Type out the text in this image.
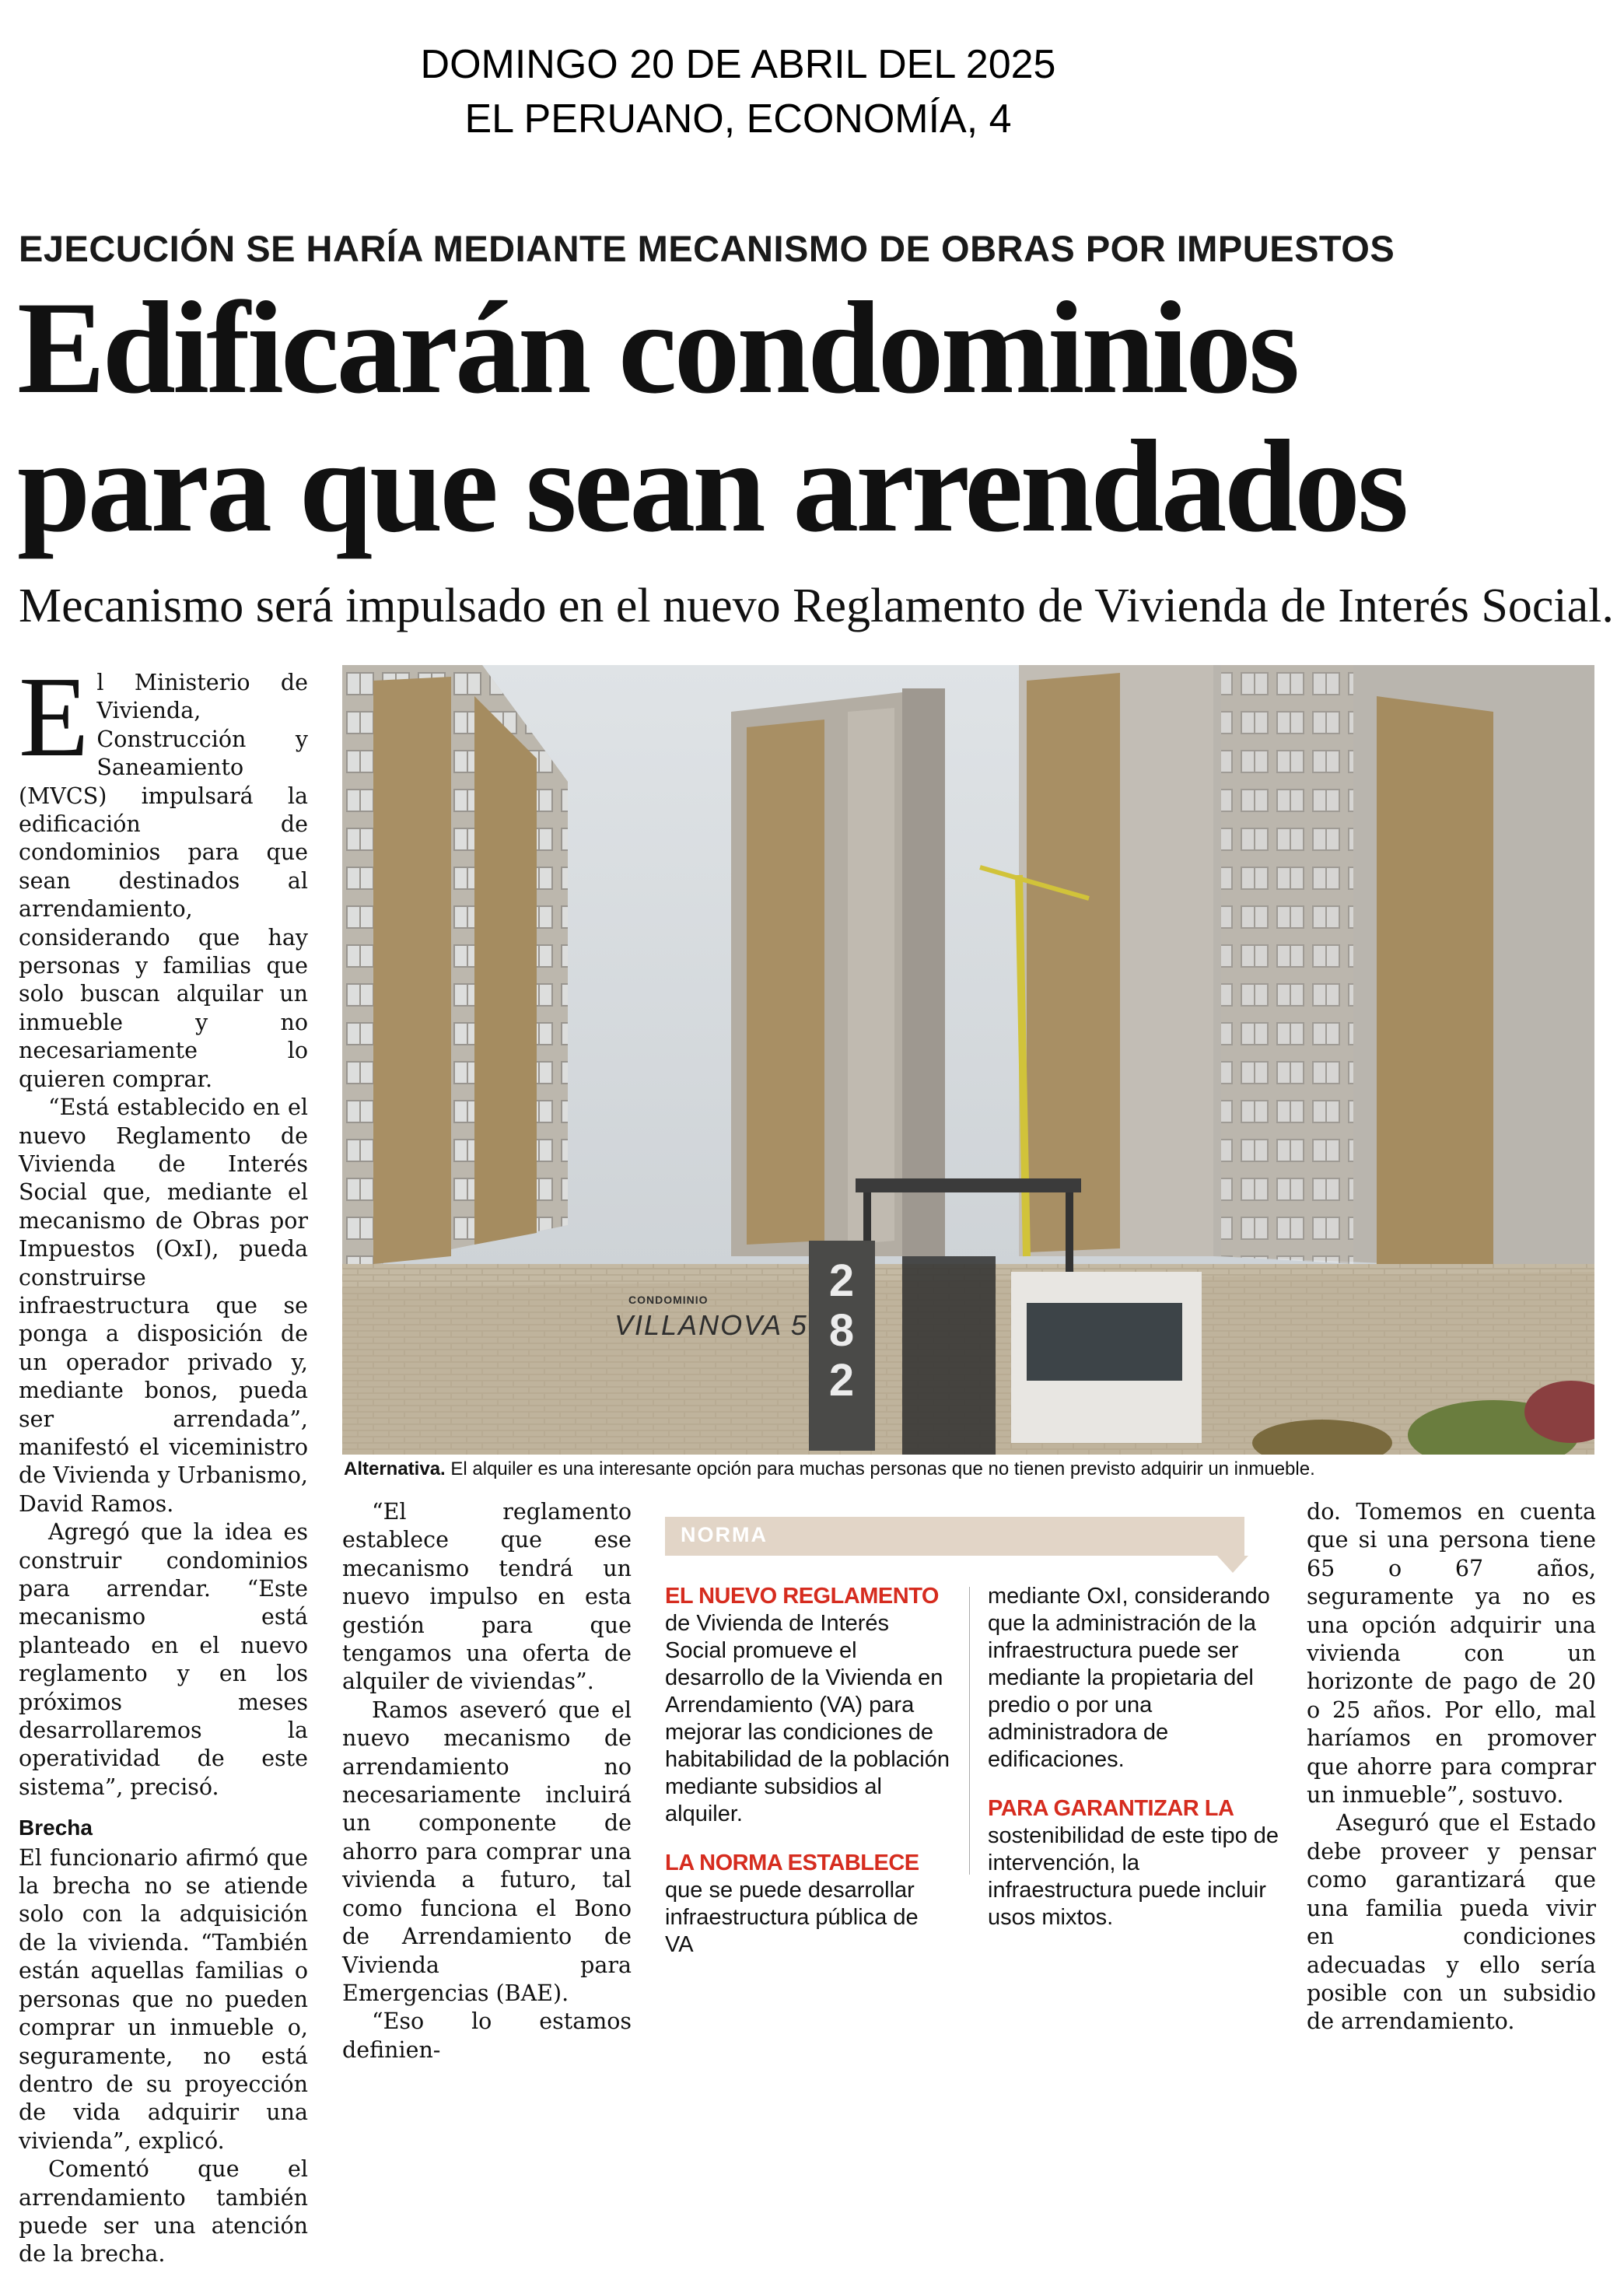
DOMINGO 20 DE ABRIL DEL 2025
EL PERUANO, ECONOMÍA, 4
EJECUCIÓN SE HARÍA MEDIANTE MECANISMO DE OBRAS POR IMPUESTOS
Edificarán condominios
para que sean arrendados
Mecanismo será impulsado en el nuevo Reglamento de Vivienda de Interés Social.

El Ministerio de Vivienda, Construcción y Saneamiento (MVCS) impulsará la edificación de condominios para que sean destinados al arrendamiento, considerando que hay personas y familias que solo buscan alquilar un inmueble y no necesariamente lo quieren comprar.

“Está establecido en el nuevo Reglamento de Vivienda de Interés Social que, mediante el mecanismo de Obras por Impuestos (OxI), pueda construirse infraestructura que se ponga a disposición de un operador privado y, mediante bonos, pueda ser arrendada”, manifestó el viceministro de Vivienda y Urbanismo, David Ramos.

Agregó que la idea es construir condominios para arrendar. “Este mecanismo está planteado en el nuevo reglamento y en los próximos meses desarrollaremos la operatividad de este sistema”, precisó.

Brecha

El funcionario afirmó que la brecha no se atiende solo con la adquisición de la vivienda. “También están aquellas familias o personas que no pueden comprar un inmueble o, seguramente, no está dentro de su proyección de vida adquirir una vivienda”, explicó.

Comentó que el arrendamiento también puede ser una atención de la brecha.

282
CONDOMINIO
VILLANOVA 5
Alternativa. El alquiler es una interesante opción para muchas personas que no tienen previsto adquirir un inmueble.

“El reglamento establece que ese mecanismo tendrá un nuevo impulso en esta gestión para que tengamos una oferta de alquiler de viviendas”.

Ramos aseveró que el nuevo mecanismo de arrendamiento no necesariamente incluirá un componente de ahorro para comprar una vivienda a futuro, tal como funciona el Bono de Arrendamiento de Vivienda para Emergencias (BAE).

“Eso lo estamos definien-

NORMA

EL NUEVO REGLAMENTO de Vivienda de Interés Social promueve el desarrollo de la Vivienda en Arrendamiento (VA) para mejorar las condiciones de habitabilidad de la población mediante subsidios al alquiler.

LA NORMA ESTABLECE que se puede desarrollar infraestructura pública de VA

mediante OxI, considerando que la administración de la infraestructura puede ser mediante la propietaria del predio o por una administradora de edificaciones.

PARA GARANTIZAR LA sostenibilidad de este tipo de intervención, la infraestructura puede incluir usos mixtos.

do. Tomemos en cuenta que si una persona tiene 65 o 67 años, seguramente ya no es una opción adquirir una vivienda con un horizonte de pago de 20 o 25 años. Por ello, mal haríamos en promover que ahorre para comprar un inmueble”, sostuvo.

Aseguró que el Estado debe proveer y pensar como garantizará que una familia pueda vivir en condiciones adecuadas y ello sería posible con un subsidio de arrendamiento.
